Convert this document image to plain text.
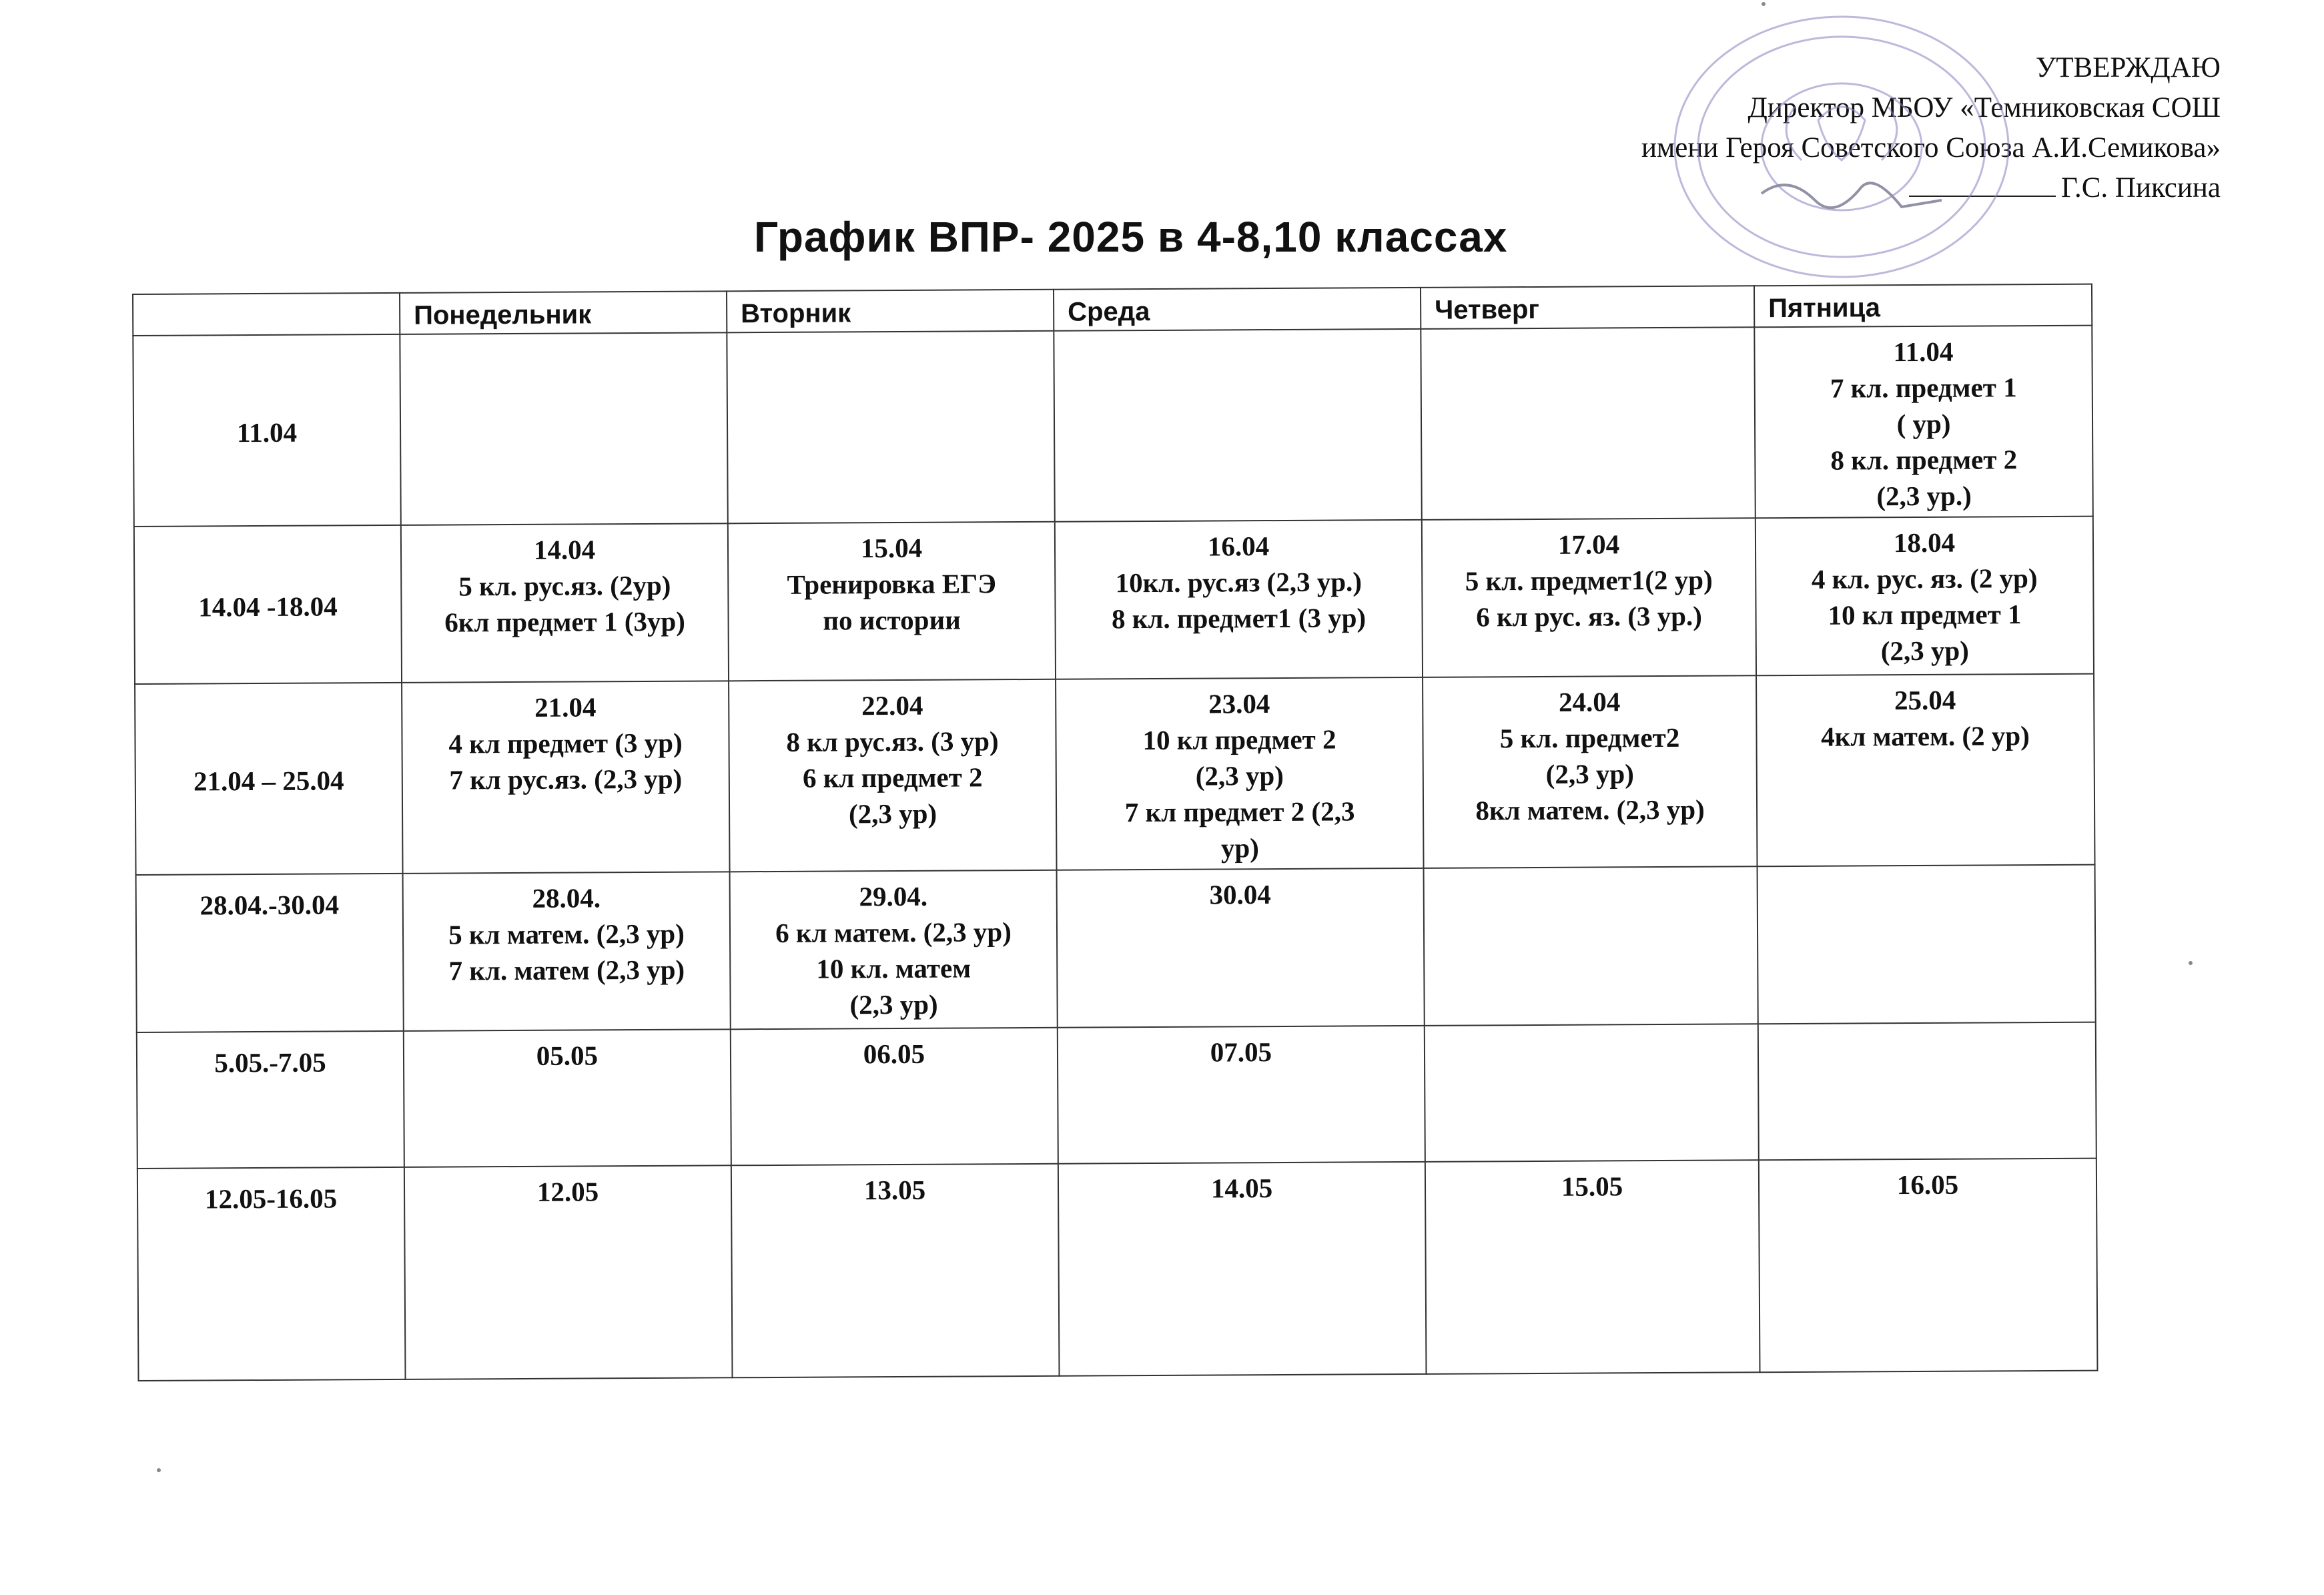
УТВЕРЖДАЮ
Директор МБОУ «Темниковская СОШ
имени Героя Советского Союза А.И.Семикова»
Г.С. Пиксина
График ВПР- 2025 в 4-8,10 классах
	Понедельник	Вторник	Среда	Четверг	Пятница
11.04					11.04
7 кл. предмет 1
( ур)
8 кл. предмет 2
(2,3 ур.)

14.04 -18.04	14.04
5 кл. рус.яз. (2ур)
6кл предмет 1 (3ур)	15.04
Тренировка ЕГЭ
по истории	16.04
10кл. рус.яз (2,3 ур.)
8 кл. предмет1 (3 ур)	17.04
5 кл. предмет1(2 ур)
6 кл рус. яз. (3 ур.)	18.04
4 кл. рус. яз. (2 ур)
10 кл предмет 1
(2,3 ур)

21.04 – 25.04	21.04
4 кл предмет (3 ур)
7 кл рус.яз. (2,3 ур)	22.04
8 кл рус.яз. (3 ур)
6 кл предмет 2
(2,3 ур)	23.04
10 кл предмет 2
(2,3 ур)
7 кл предмет 2 (2,3
ур)	24.04
5 кл. предмет2
(2,3 ур)
8кл матем. (2,3 ур)	25.04
4кл матем. (2 ур)

28.04.-30.04	28.04.
5 кл матем. (2,3 ур)
7 кл. матем (2,3 ур)	29.04.
6 кл матем. (2,3 ур)
10 кл. матем
(2,3 ур)	30.04		

5.05.-7.05	05.05	06.05	07.05		

12.05-16.05	12.05	13.05	14.05	15.05	16.05
